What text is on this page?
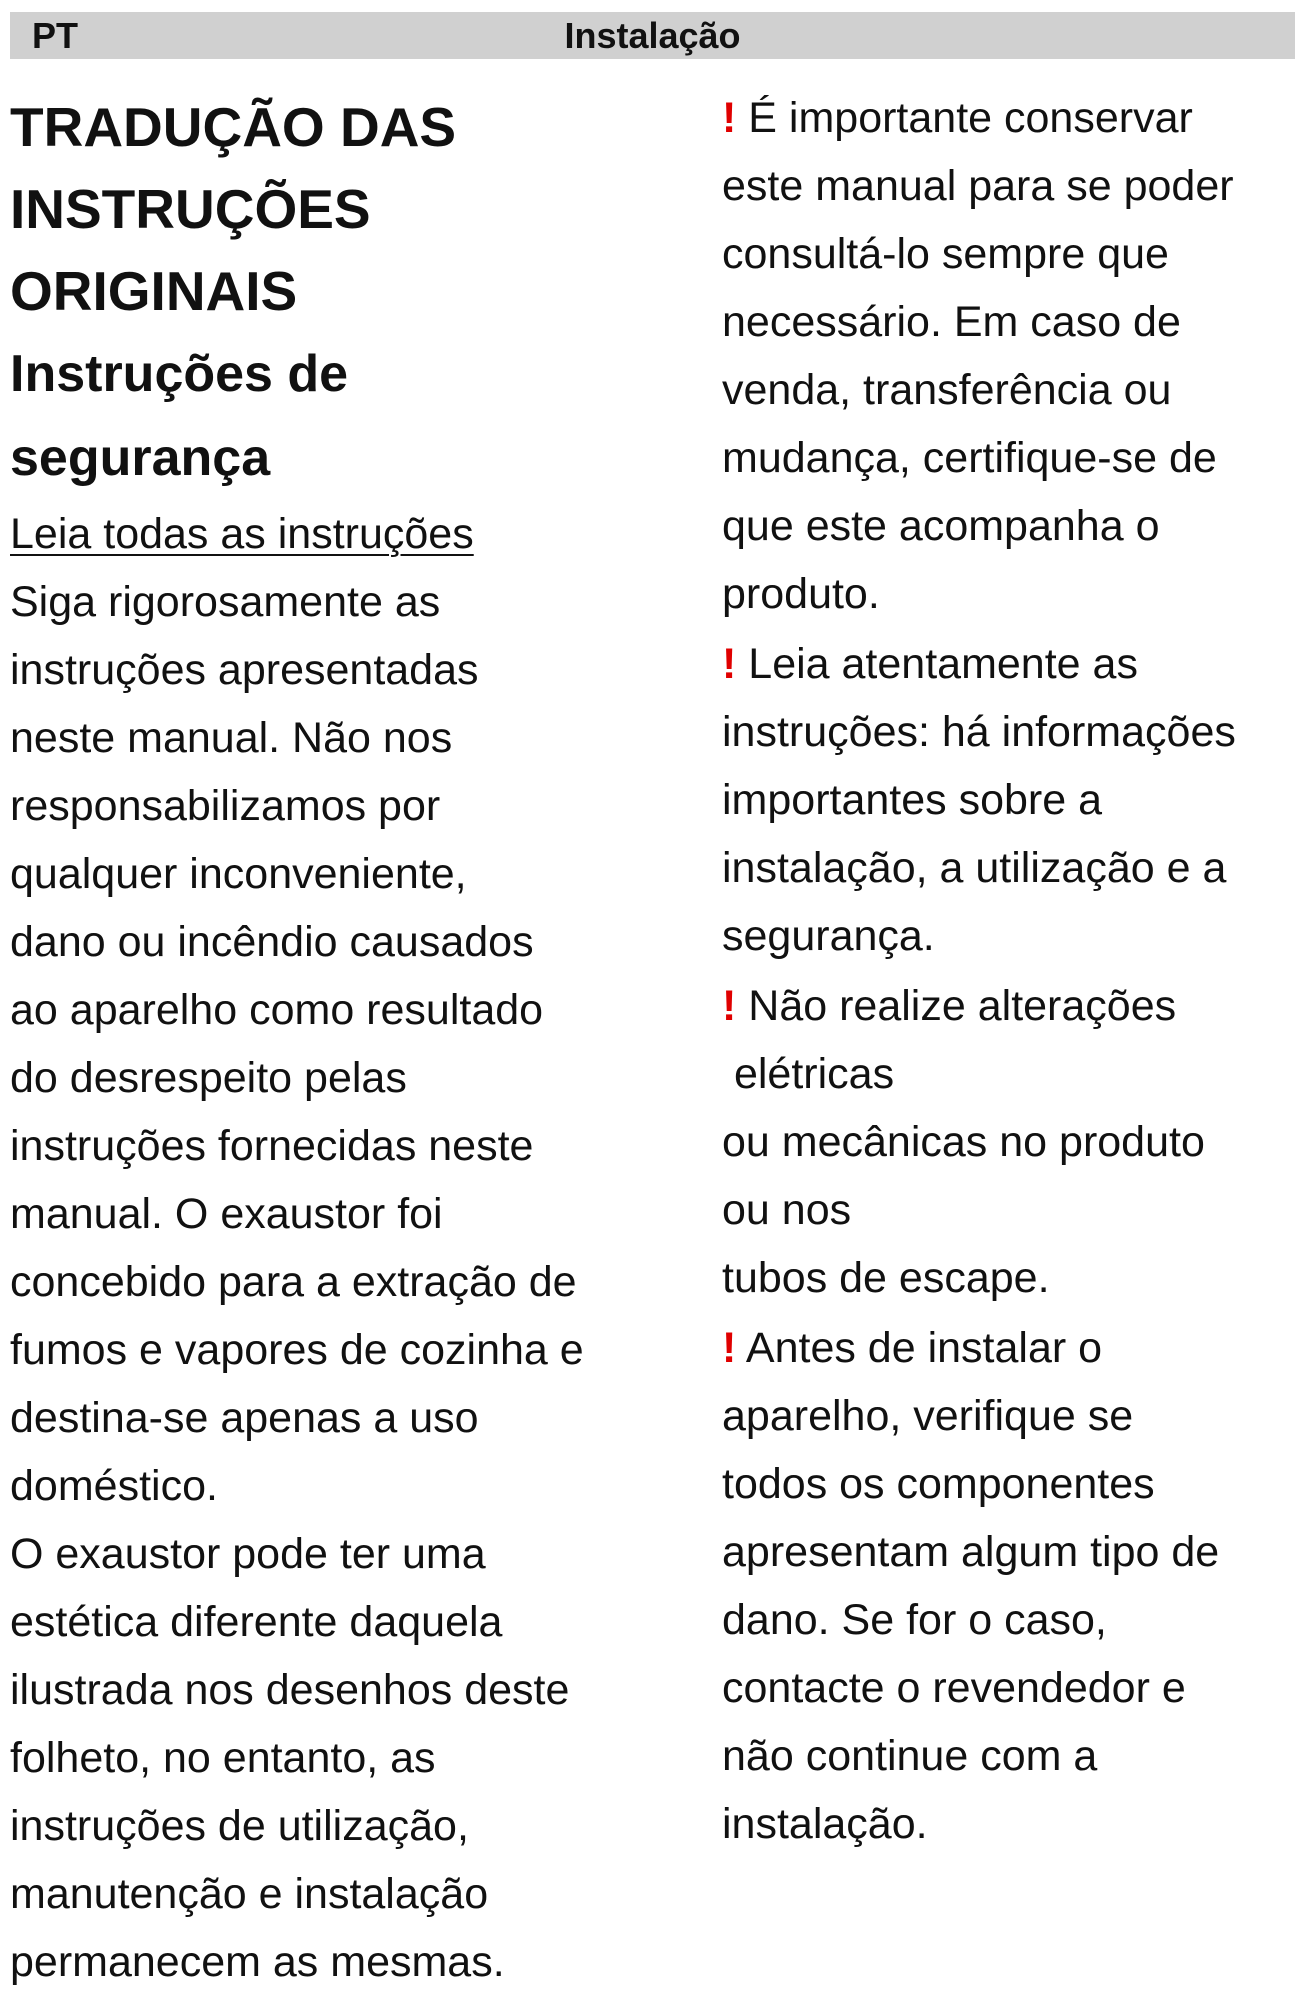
PT	Instalação
TRADUÇÃO DAS
INSTRUÇÕES ORIGINAIS
Instruções de
segurança
Leia todas as instruções
Siga rigorosamente as
instruções apresentadas
neste manual. Não nos
responsabilizamos por
qualquer inconveniente,
dano ou incêndio causados
ao aparelho como resultado
do desrespeito pelas
instruções fornecidas neste
manual. O exaustor foi
concebido para a extração de
fumos e vapores de cozinha e
destina-se apenas a uso
doméstico.
O exaustor pode ter uma
estética diferente daquela
ilustrada nos desenhos deste
folheto, no entanto, as
instruções de utilização,
manutenção e instalação
permanecem as mesmas.
! É importante conservar
este manual para se poder
consultá-lo sempre que
necessário. Em caso de
venda, transferência ou
mudança, certifique-se de
que este acompanha o
produto.
! Leia atentamente as
instruções: há informações
importantes sobre a
instalação, a utilização e a
segurança.
! Não realize alterações
elétricas
ou mecânicas no produto
ou nos
tubos de escape.
! Antes de instalar o
aparelho, verifique se
todos os componentes
apresentam algum tipo de
dano. Se for o caso,
contacte o revendedor e
não continue com a
instalação.
